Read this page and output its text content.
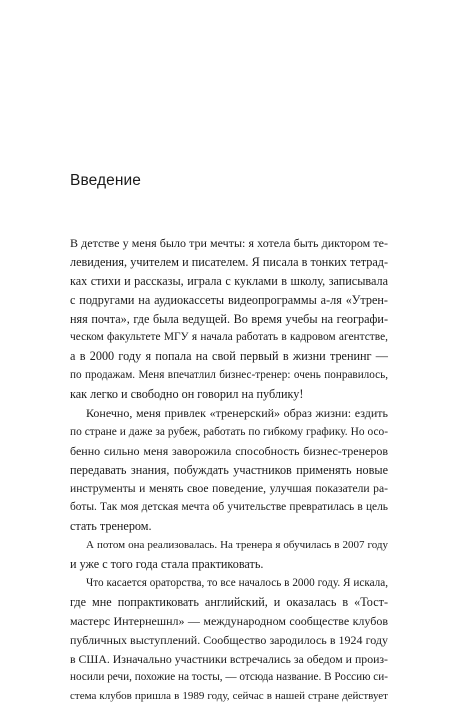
Введение
В детстве у меня было три мечты: я хотела быть диктором те-
левидения, учителем и писателем. Я писала в тонких тетрад-
ках стихи и рассказы, играла с куклами в школу, записывала
с подругами на аудиокассеты видеопрограммы а-ля «Утрен-
няя почта», где была ведущей. Во время учебы на географи-
ческом факультете МГУ я начала работать в кадровом агентстве,
а в 2000 году я попала на свой первый в жизни тренинг —
по продажам. Меня впечатлил бизнес-тренер: очень понравилось,
как легко и свободно он говорил на публику!
Конечно, меня привлек «тренерский» образ жизни: ездить
по стране и даже за рубеж, работать по гибкому графику. Но осо-
бенно сильно меня заворожила способность бизнес-тренеров
передавать знания, побуждать участников применять новые
инструменты и менять свое поведение, улучшая показатели ра-
боты. Так моя детская мечта об учительстве превратилась в цель
стать тренером.
А потом она реализовалась. На тренера я обучилась в 2007 году
и уже с того года стала практиковать.
Что касается ораторства, то все началось в 2000 году. Я искала,
где мне попрактиковать английский, и оказалась в «Тост-
мастерс Интернешнл» — международном сообществе клубов
публичных выступлений. Сообщество зародилось в 1924 году
в США. Изначально участники встречались за обедом и произ-
носили речи, похожие на тосты, — отсюда название. В Россию си-
стема клубов пришла в 1989 году, сейчас в нашей стране действует
